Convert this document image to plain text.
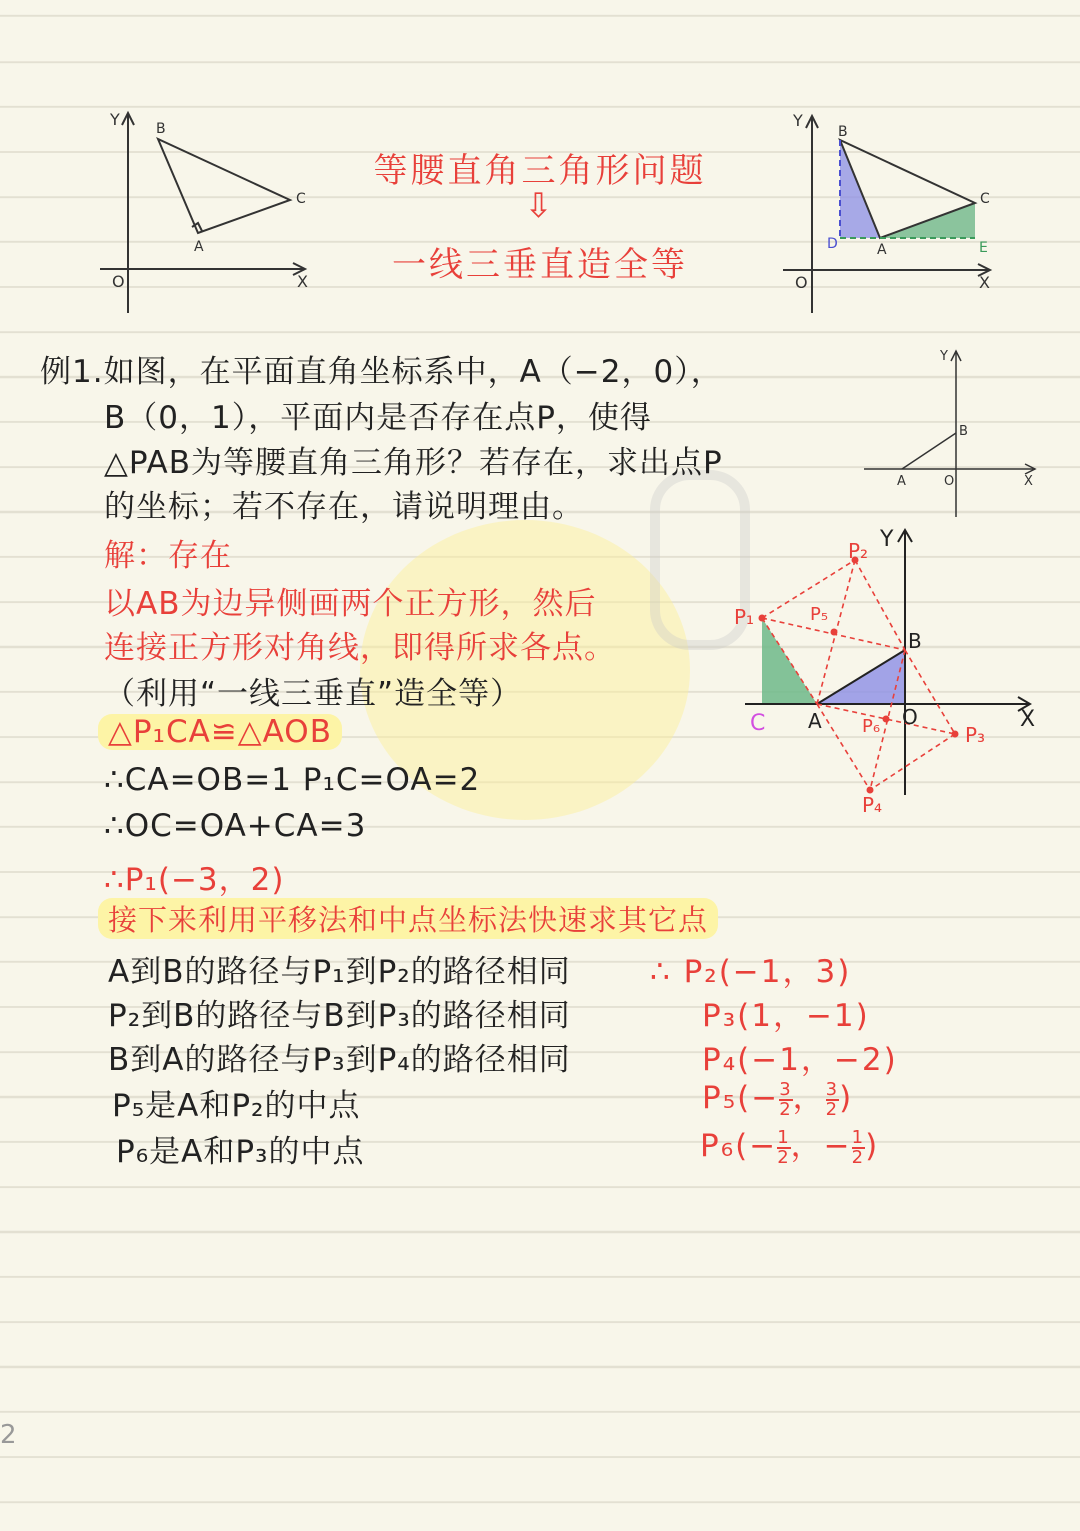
Y
X
O
B
A
C
等腰直角三角形问题
⇩
一线三垂直造全等
Y
X
O
B
A
C
D	E
例1.如图，在平面直角坐标系中，A（−2，0），
B（0，1），平面内是否存在点P，使得
△PAB为等腰直角三角形？若存在，求出点P
的坐标；若不存在，请说明理由。
Y
X
O
A
B
解：存在
以AB为边异侧画两个正方形，然后
连接正方形对角线，即得所求各点。
（利用“一线三垂直”造全等）
△P₁CA≌△AOB
∴CA=OB=1 P₁C=OA=2
∴OC=OA+CA=3
∴P₁(−3，2)
接下来利用平移法和中点坐标法快速求其它点
Y
X
O
A
B
C
P₁
P₂
P₃
P₄
P₅
P₆
A到B的路径与P₁到P₂的路径相同	∴ P₂(−1，3)
P₂到B的路径与B到P₃的路径相同	P₃(1，−1)
B到A的路径与P₃到P₄的路径相同	P₄(−1，−2)
P₅是A和P₂的中点	$P_5(- \frac{3}{2}$ ， $\frac{3}{2}$ )
P₆是A和P₃的中点	$P_6(- \frac{1}{2}$ ，− $\frac{1}{2}$ )
2
